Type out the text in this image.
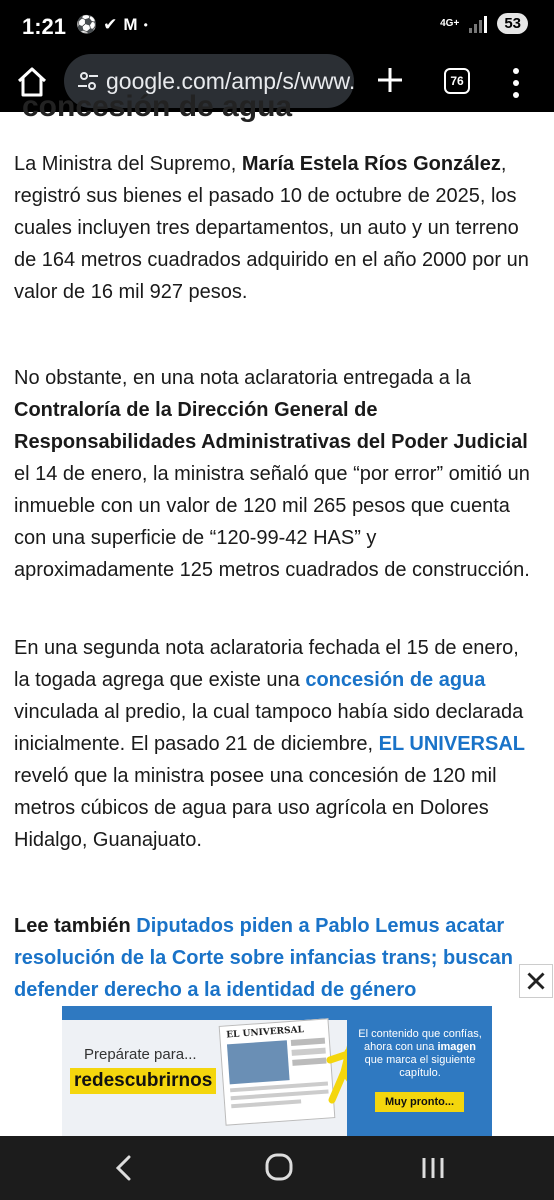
1:21 ⚽ ✔ M •	4G+	53
google.com/amp/s/www.	76
concesión de agua

La Ministra del Supremo, María Estela Ríos González, registró sus bienes el pasado 10 de octubre de 2025, los cuales incluyen tres departamentos, un auto y un terreno de 164 metros cuadrados adquirido en el año 2000 por un valor de 16 mil 927 pesos.

No obstante, en una nota aclaratoria entregada a la Contraloría de la Dirección General de Responsabilidades Administrativas del Poder Judicial el 14 de enero, la ministra señaló que “por error” omitió un inmueble con un valor de 120 mil 265 pesos que cuenta con una superficie de “120-99-42 HAS” y aproximadamente 125 metros cuadrados de construcción.

En una segunda nota aclaratoria fechada el 15 de enero, la togada agrega que existe una concesión de agua vinculada al predio, la cual tampoco había sido declarada inicialmente. El pasado 21 de diciembre, EL UNIVERSAL reveló que la ministra posee una concesión de 120 mil metros cúbicos de agua para uso agrícola en Dolores Hidalgo, Guanajuato.

Lee también Diputados piden a Pablo Lemus acatar resolución de la Corte sobre infancias trans; buscan defender derecho a la identidad de género

Prepárate para...
redescubrirnos
EL UNIVERSAL	El contenido que confías, ahora con una imagen que marca el siguiente capítulo.
Muy pronto...
